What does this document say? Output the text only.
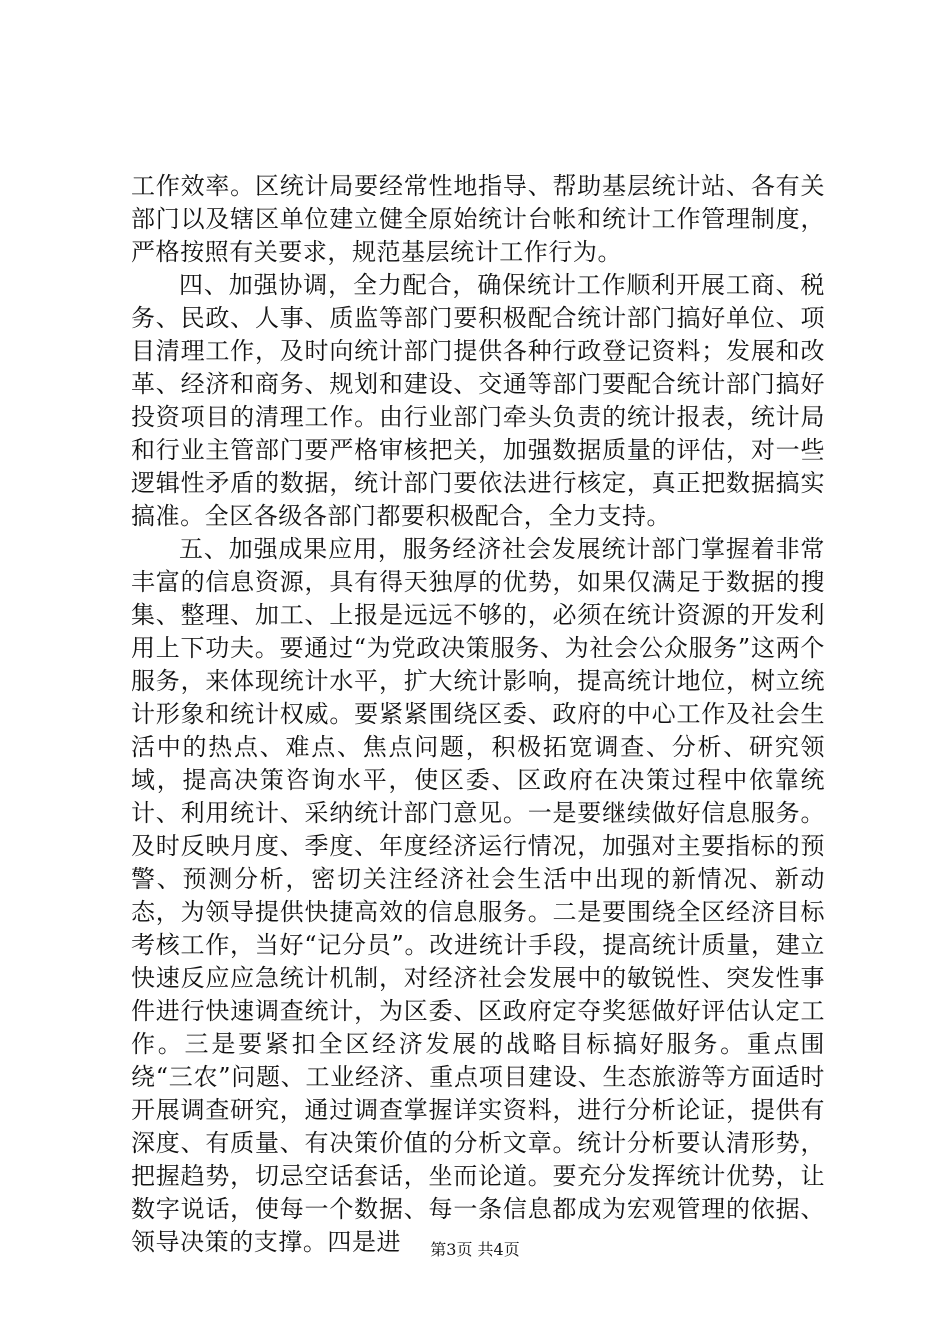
工作效率。区统计局要经常性地指导、帮助基层统计站、各有关部门以及辖区单位建立健全原始统计台帐和统计工作管理制度，严格按照有关要求，规范基层统计工作行为。

四、加强协调，全力配合，确保统计工作顺利开展工商、税务、民政、人事、质监等部门要积极配合统计部门搞好单位、项目清理工作，及时向统计部门提供各种行政登记资料；发展和改革、经济和商务、规划和建设、交通等部门要配合统计部门搞好投资项目的清理工作。由行业部门牵头负责的统计报表，统计局和行业主管部门要严格审核把关，加强数据质量的评估，对一些逻辑性矛盾的数据，统计部门要依法进行核定，真正把数据搞实搞准。全区各级各部门都要积极配合，全力支持。

五、加强成果应用，服务经济社会发展统计部门掌握着非常丰富的信息资源，具有得天独厚的优势，如果仅满足于数据的搜集、整理、加工、上报是远远不够的，必须在统计资源的开发利用上下功夫。要通过“为党政决策服务、为社会公众服务”这两个服务，来体现统计水平，扩大统计影响，提高统计地位，树立统计形象和统计权威。要紧紧围绕区委、政府的中心工作及社会生活中的热点、难点、焦点问题，积极拓宽调查、分析、研究领域，提高决策咨询水平，使区委、区政府在决策过程中依靠统计、利用统计、采纳统计部门意见。一是要继续做好信息服务。及时反映月度、季度、年度经济运行情况，加强对主要指标的预警、预测分析，密切关注经济社会生活中出现的新情况、新动态，为领导提供快捷高效的信息服务。二是要围绕全区经济目标考核工作，当好“记分员”。改进统计手段，提高统计质量，建立快速反应应急统计机制，对经济社会发展中的敏锐性、突发性事件进行快速调查统计，为区委、区政府定夺奖惩做好评估认定工作。三是要紧扣全区经济发展的战略目标搞好服务。重点围绕“三农”问题、工业经济、重点项目建设、生态旅游等方面适时开展调查研究，通过调查掌握详实资料，进行分析论证，提供有深度、有质量、有决策价值的分析文章。统计分析要认清形势，把握趋势，切忌空话套话，坐而论道。要充分发挥统计优势，让数字说话，使每一个数据、每一条信息都成为宏观管理的依据、领导决策的支撑。四是进	第3页 共4页
